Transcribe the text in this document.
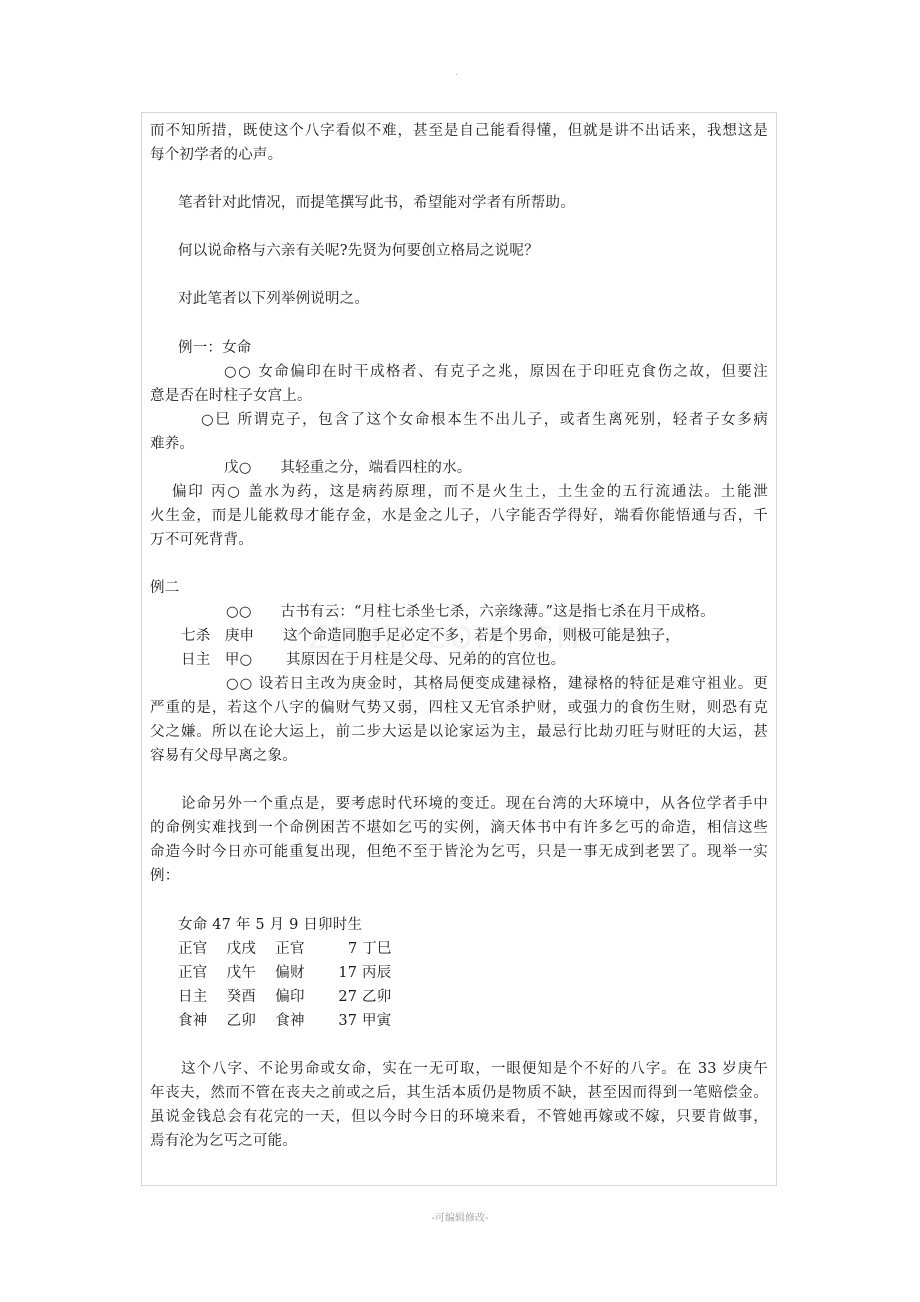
.
而不知所措，既使这个八字看似不难，甚至是自己能看得懂，但就是讲不出话来，我想这是
每个初学者的心声。
笔者针对此情况，而提笔撰写此书，希望能对学者有所帮助。
何以说命格与六亲有关呢?先贤为何要创立格局之说呢？
对此笔者以下列举例说明之。
例一：女命
○○ 女命偏印在时干成格者、有克子之兆，原因在于印旺克食伤之故，但要注
意是否在时柱子女宫上。
○巳 所谓克子，包含了这个女命根本生不出儿子，或者生离死别，轻者子女多病
难养。
戊○      其轻重之分，端看四柱的水。
偏印 丙○ 盖水为药，这是病药原理，而不是火生土，土生金的五行流通法。土能泄
火生金，而是儿能救母才能存金，水是金之儿子，八字能否学得好，端看你能悟通与否，千
万不可死背背。
例二
○○      古书有云：“月柱七杀坐七杀，六亲缘薄。”这是指七杀在月干成格。
七杀   庚申      这个命造同胞手足必定不多，若是个男命，则极可能是独子，
日主   甲○       其原因在于月柱是父母、兄弟的的宫位也。
○○ 设若日主改为庚金时，其格局便变成建禄格，建禄格的特征是难守祖业。更
严重的是，若这个八字的偏财气势又弱，四柱又无官杀护财，或强力的食伤生财，则恐有克
父之嫌。所以在论大运上，前二步大运是以论家运为主，最忌行比劫刃旺与财旺的大运，甚
容易有父母早离之象。
论命另外一个重点是，要考虑时代环境的变迁。现在台湾的大环境中，从各位学者手中
的命例实难找到一个命例困苦不堪如乞丐的实例，滴天体书中有许多乞丐的命造，相信这些
命造今时今日亦可能重复出现，但绝不至于皆沦为乞丐，只是一事无成到老罢了。现举一实
例：
女命 47 年 5 月 9 日卯时生
正官    戊戌    正官         7 丁巳
正官    戊午    偏财       17 丙辰
日主    癸酉    偏印       27 乙卯
食神    乙卯    食神       37 甲寅
这个八字、不论男命或女命，实在一无可取，一眼便知是个不好的八字。在 33 岁庚午
年丧夫，然而不管在丧夫之前或之后，其生活本质仍是物质不缺，甚至因而得到一笔赔偿金。
虽说金钱总会有花完的一天，但以今时今日的环境来看，不管她再嫁或不嫁，只要肯做事，
焉有沦为乞丐之可能。
-可编辑修改-
